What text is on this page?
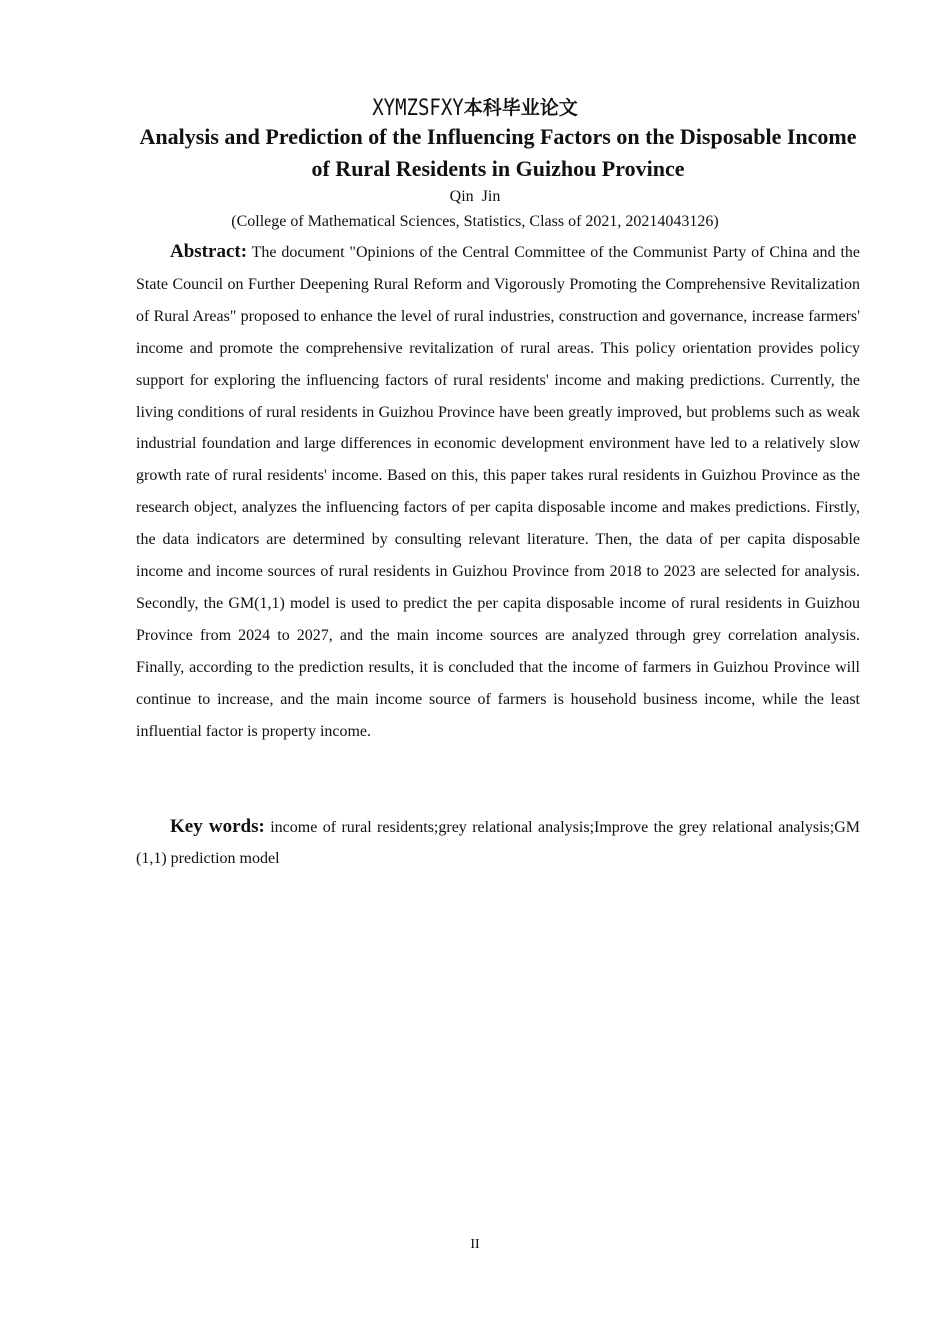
XYMZSFXY本科毕业论文
Analysis and Prediction of the Influencing Factors on the Disposable Income of Rural Residents in Guizhou Province
Qin Jin
(College of Mathematical Sciences, Statistics, Class of 2021, 20214043126)

Abstract: The document "Opinions of the Central Committee of the Communist Party of China and the State Council on Further Deepening Rural Reform and Vigorously Promoting the Comprehensive Revitalization of Rural Areas" proposed to enhance the level of rural industries, construction and governance, increase farmers' income and promote the comprehensive revitalization of rural areas. This policy orientation provides policy support for exploring the influencing factors of rural residents' income and making predictions. Currently, the living conditions of rural residents in Guizhou Province have been greatly improved, but problems such as weak industrial foundation and large differences in economic development environment have led to a relatively slow growth rate of rural residents' income. Based on this, this paper takes rural residents in Guizhou Province as the research object, analyzes the influencing factors of per capita disposable income and makes predictions. Firstly, the data indicators are determined by consulting relevant literature. Then, the data of per capita disposable income and income sources of rural residents in Guizhou Province from 2018 to 2023 are selected for analysis. Secondly, the GM(1,1) model is used to predict the per capita disposable income of rural residents in Guizhou Province from 2024 to 2027, and the main income sources are analyzed through grey correlation analysis. Finally, according to the prediction results, it is concluded that the income of farmers in Guizhou Province will continue to increase, and the main income source of farmers is household business income, while the least influential factor is property income.

Key words: income of rural residents;grey relational analysis;Improve the grey relational analysis;GM (1,1) prediction model

II
